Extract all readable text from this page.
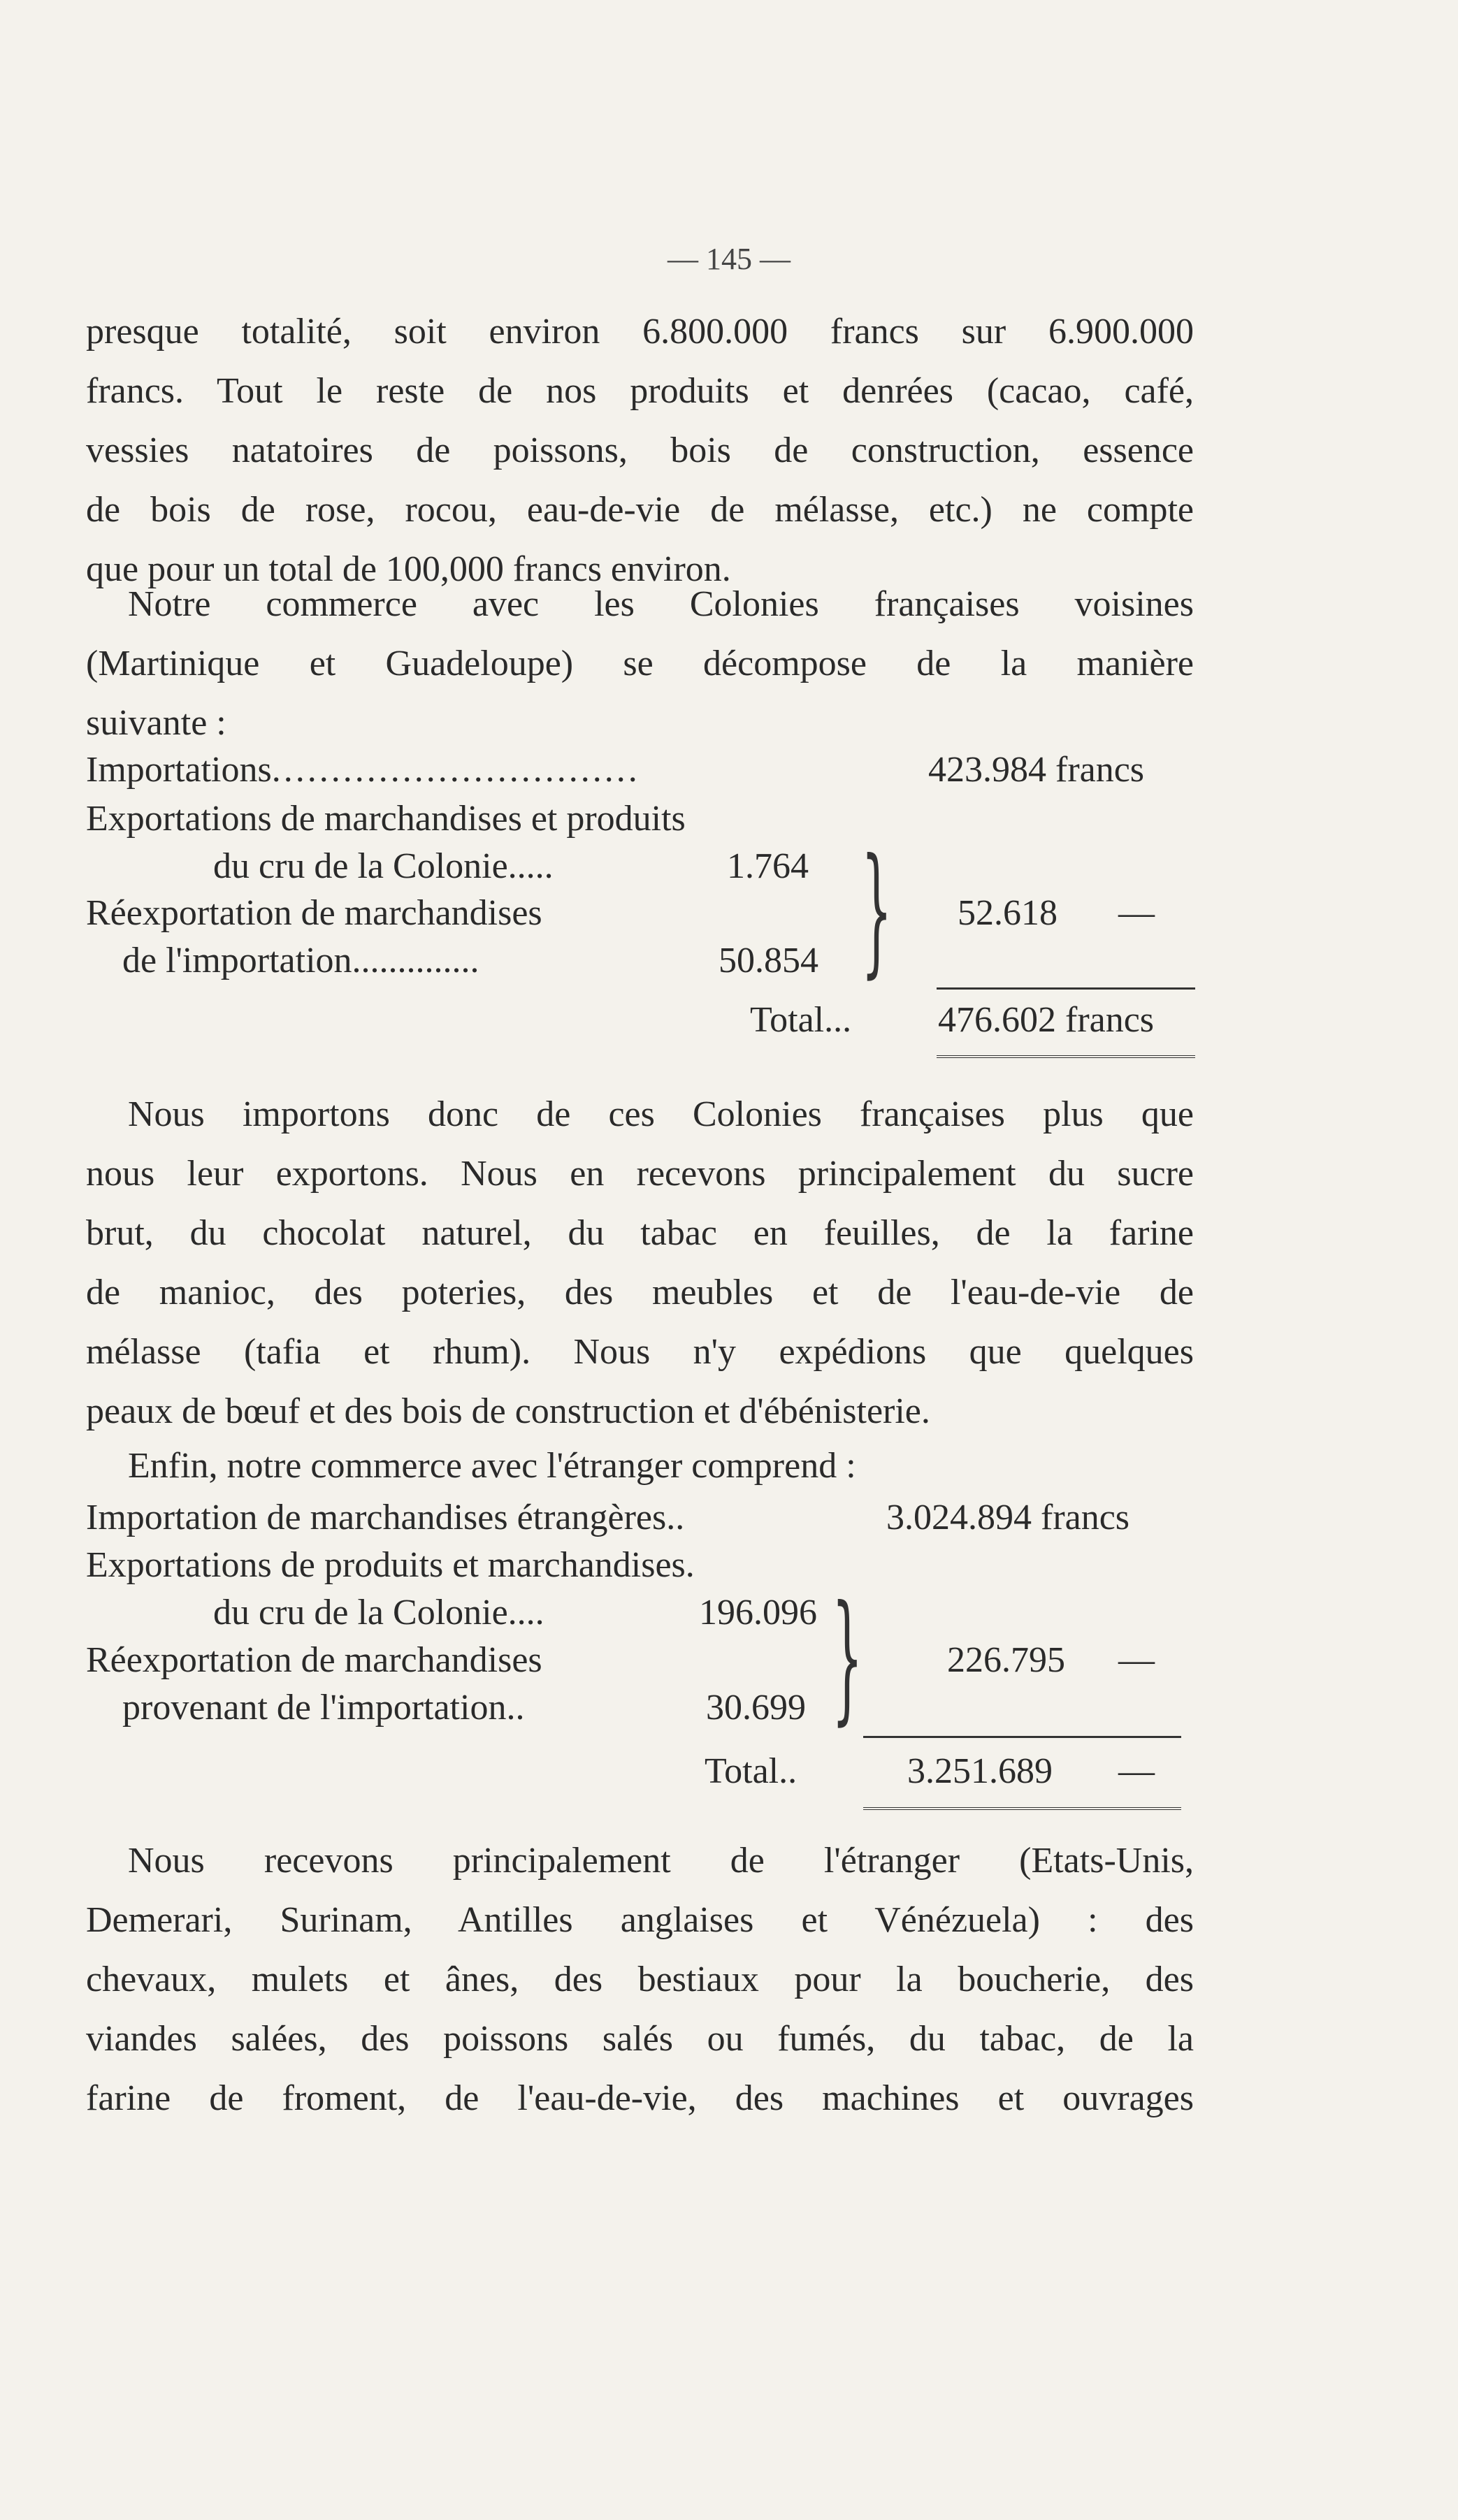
— 145 —
presque totalité, soit environ 6.800.000 francs sur 6.900.000
francs. Tout le reste de nos produits et denrées (cacao, café,
vessies natatoires de poissons, bois de construction, essence
de bois de rose, rocou, eau-de-vie de mélasse, etc.) ne compte
que pour un total de 100,000 francs environ.
Notre commerce avec les Colonies françaises voisines
(Martinique et Guadeloupe) se décompose de la manière
suivante :
Importations...............................	423.984 francs
Exportations de marchandises et produits
du cru de la Colonie.....	1.764
Réexportation de marchandises
de l'importation..............	50.854 } 52.618 —
Total... 476.602 francs
Nous importons donc de ces Colonies françaises plus que
nous leur exportons. Nous en recevons principalement du sucre
brut, du chocolat naturel, du tabac en feuilles, de la farine
de manioc, des poteries, des meubles et de l'eau-de-vie de
mélasse (tafia et rhum). Nous n'y expédions que quelques
peaux de bœuf et des bois de construction et d'ébénisterie.
Enfin, notre commerce avec l'étranger comprend :
Importation de marchandises étrangères..	3.024.894 francs
Exportations de produits et marchandises.
du cru de la Colonie....	196.096
Réexportation de marchandises
provenant de l'importation..	30.699 } 226.795 —
Total..	3.251.689 —
Nous recevons principalement de l'étranger (Etats-Unis,
Demerari, Surinam, Antilles anglaises et Vénézuela) : des
chevaux, mulets et ânes, des bestiaux pour la boucherie, des
viandes salées, des poissons salés ou fumés, du tabac, de la
farine de froment, de l'eau-de-vie, des machines et ouvrages
